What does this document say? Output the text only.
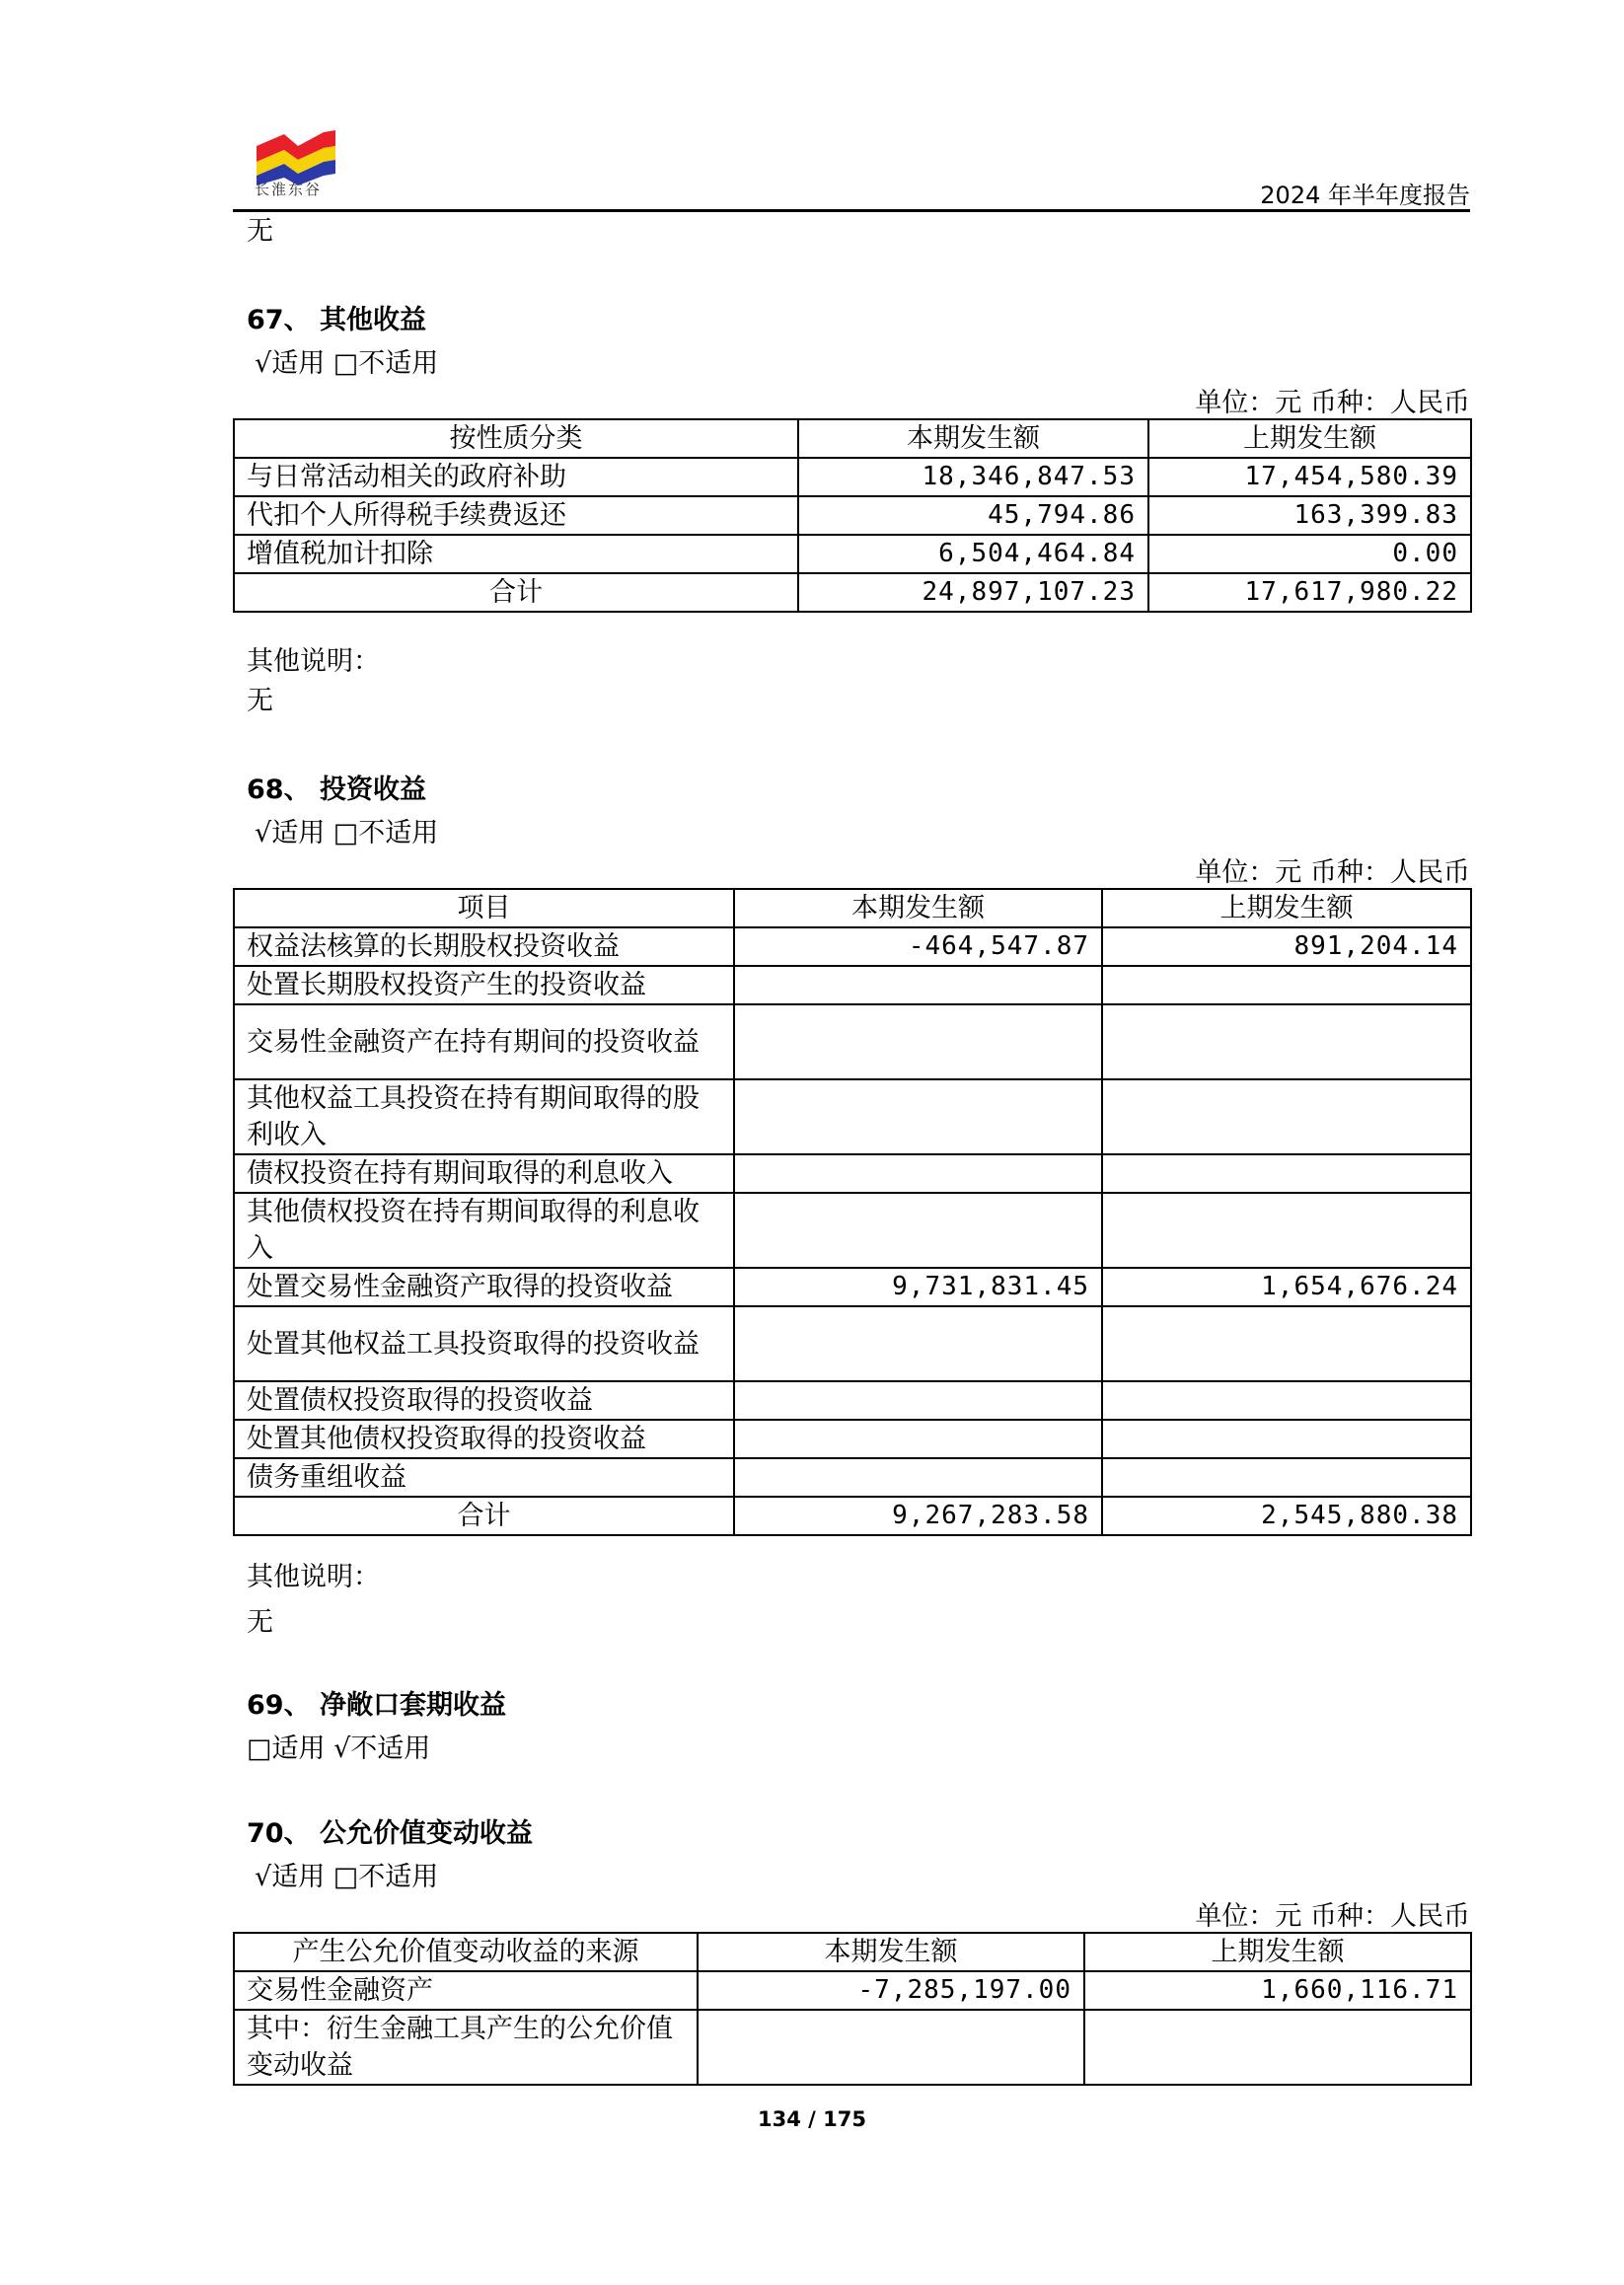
长淮东谷	2024 年半年度报告
无
67、 其他收益
√适用 □不适用
单位：元 币种：人民币
按性质分类	本期发生额	上期发生额
与日常活动相关的政府补助	18,346,847.53	17,454,580.39
代扣个人所得税手续费返还	45,794.86	163,399.83
增值税加计扣除	6,504,464.84	0.00
合计	24,897,107.23	17,617,980.22
其他说明：
无
68、 投资收益
√适用 □不适用
单位：元 币种：人民币
项目	本期发生额	上期发生额
权益法核算的长期股权投资收益	-464,547.87	891,204.14
处置长期股权投资产生的投资收益		
交易性金融资产在持有期间的投资收益		
其他权益工具投资在持有期间取得的股利收入		
债权投资在持有期间取得的利息收入		
其他债权投资在持有期间取得的利息收入		
处置交易性金融资产取得的投资收益	9,731,831.45	1,654,676.24
处置其他权益工具投资取得的投资收益		
处置债权投资取得的投资收益		
处置其他债权投资取得的投资收益		
债务重组收益		
合计	9,267,283.58	2,545,880.38
其他说明：
无
69、 净敞口套期收益
□适用 √不适用
70、 公允价值变动收益
√适用 □不适用
单位：元 币种：人民币
产生公允价值变动收益的来源	本期发生额	上期发生额
交易性金融资产	-7,285,197.00	1,660,116.71
其中：衍生金融工具产生的公允价值变动收益		
134 / 175
